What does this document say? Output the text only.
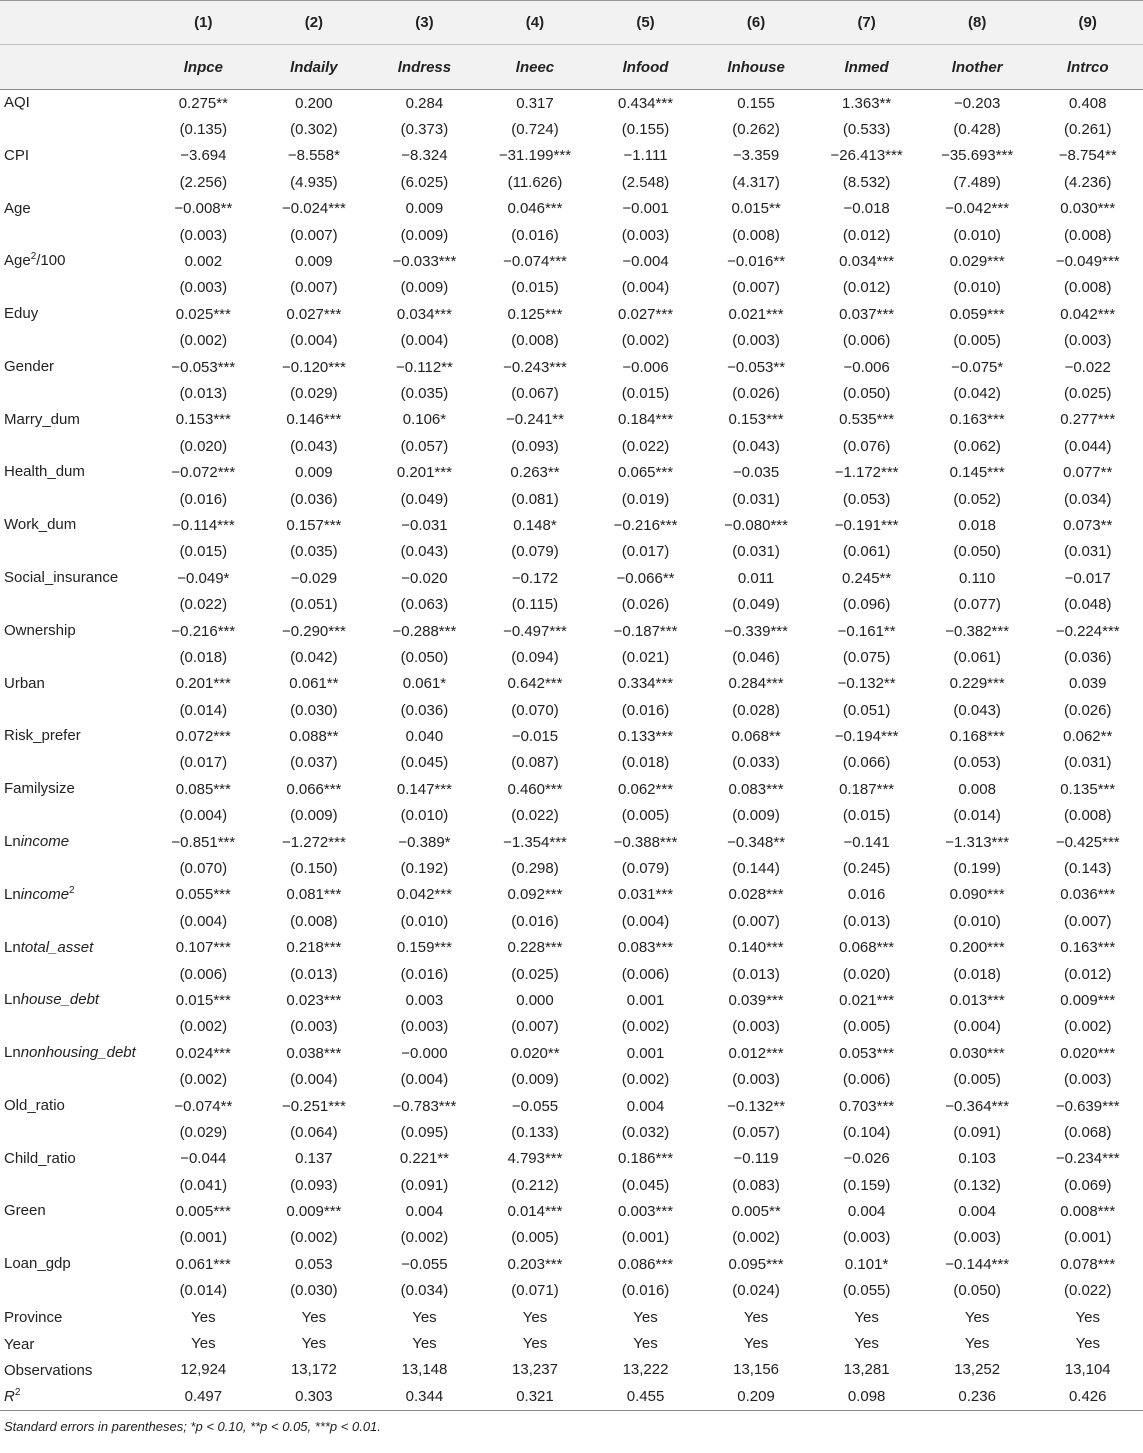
	(1)	(2)	(3)	(4)	(5)	(6)	(7)	(8)	(9)
	lnpce	lndaily	lndress	lneec	lnfood	lnhouse	lnmed	lnother	lntrco
AQI	0.275**	0.200	0.284	0.317	0.434***	0.155	1.363**	−0.203	0.408
	(0.135)	(0.302)	(0.373)	(0.724)	(0.155)	(0.262)	(0.533)	(0.428)	(0.261)
CPI	−3.694	−8.558*	−8.324	−31.199***	−1.111	−3.359	−26.413***	−35.693***	−8.754**
	(2.256)	(4.935)	(6.025)	(11.626)	(2.548)	(4.317)	(8.532)	(7.489)	(4.236)
Age	−0.008**	−0.024***	0.009	0.046***	−0.001	0.015**	−0.018	−0.042***	0.030***
	(0.003)	(0.007)	(0.009)	(0.016)	(0.003)	(0.008)	(0.012)	(0.010)	(0.008)
Age$^2$/100	0.002	0.009	−0.033***	−0.074***	−0.004	−0.016**	0.034***	0.029***	−0.049***
	(0.003)	(0.007)	(0.009)	(0.015)	(0.004)	(0.007)	(0.012)	(0.010)	(0.008)
Eduy	0.025***	0.027***	0.034***	0.125***	0.027***	0.021***	0.037***	0.059***	0.042***
	(0.002)	(0.004)	(0.004)	(0.008)	(0.002)	(0.003)	(0.006)	(0.005)	(0.003)
Gender	−0.053***	−0.120***	−0.112**	−0.243***	−0.006	−0.053**	−0.006	−0.075*	−0.022
	(0.013)	(0.029)	(0.035)	(0.067)	(0.015)	(0.026)	(0.050)	(0.042)	(0.025)
Marry_dum	0.153***	0.146***	0.106*	−0.241**	0.184***	0.153***	0.535***	0.163***	0.277***
	(0.020)	(0.043)	(0.057)	(0.093)	(0.022)	(0.043)	(0.076)	(0.062)	(0.044)
Health_dum	−0.072***	0.009	0.201***	0.263**	0.065***	−0.035	−1.172***	0.145***	0.077**
	(0.016)	(0.036)	(0.049)	(0.081)	(0.019)	(0.031)	(0.053)	(0.052)	(0.034)
Work_dum	−0.114***	0.157***	−0.031	0.148*	−0.216***	−0.080***	−0.191***	0.018	0.073**
	(0.015)	(0.035)	(0.043)	(0.079)	(0.017)	(0.031)	(0.061)	(0.050)	(0.031)
Social_insurance	−0.049*	−0.029	−0.020	−0.172	−0.066**	0.011	0.245**	0.110	−0.017
	(0.022)	(0.051)	(0.063)	(0.115)	(0.026)	(0.049)	(0.096)	(0.077)	(0.048)
Ownership	−0.216***	−0.290***	−0.288***	−0.497***	−0.187***	−0.339***	−0.161**	−0.382***	−0.224***
	(0.018)	(0.042)	(0.050)	(0.094)	(0.021)	(0.046)	(0.075)	(0.061)	(0.036)
Urban	0.201***	0.061**	0.061*	0.642***	0.334***	0.284***	−0.132**	0.229***	0.039
	(0.014)	(0.030)	(0.036)	(0.070)	(0.016)	(0.028)	(0.051)	(0.043)	(0.026)
Risk_prefer	0.072***	0.088**	0.040	−0.015	0.133***	0.068**	−0.194***	0.168***	0.062**
	(0.017)	(0.037)	(0.045)	(0.087)	(0.018)	(0.033)	(0.066)	(0.053)	(0.031)
Familysize	0.085***	0.066***	0.147***	0.460***	0.062***	0.083***	0.187***	0.008	0.135***
	(0.004)	(0.009)	(0.010)	(0.022)	(0.005)	(0.009)	(0.015)	(0.014)	(0.008)
Lnincome	−0.851***	−1.272***	−0.389*	−1.354***	−0.388***	−0.348**	−0.141	−1.313***	−0.425***
	(0.070)	(0.150)	(0.192)	(0.298)	(0.079)	(0.144)	(0.245)	(0.199)	(0.143)
Lnincome$^2$	0.055***	0.081***	0.042***	0.092***	0.031***	0.028***	0.016	0.090***	0.036***
	(0.004)	(0.008)	(0.010)	(0.016)	(0.004)	(0.007)	(0.013)	(0.010)	(0.007)
Lntotal_asset	0.107***	0.218***	0.159***	0.228***	0.083***	0.140***	0.068***	0.200***	0.163***
	(0.006)	(0.013)	(0.016)	(0.025)	(0.006)	(0.013)	(0.020)	(0.018)	(0.012)
Lnhouse_debt	0.015***	0.023***	0.003	0.000	0.001	0.039***	0.021***	0.013***	0.009***
	(0.002)	(0.003)	(0.003)	(0.007)	(0.002)	(0.003)	(0.005)	(0.004)	(0.002)
Lnnonhousing_debt	0.024***	0.038***	−0.000	0.020**	0.001	0.012***	0.053***	0.030***	0.020***
	(0.002)	(0.004)	(0.004)	(0.009)	(0.002)	(0.003)	(0.006)	(0.005)	(0.003)
Old_ratio	−0.074**	−0.251***	−0.783***	−0.055	0.004	−0.132**	0.703***	−0.364***	−0.639***
	(0.029)	(0.064)	(0.095)	(0.133)	(0.032)	(0.057)	(0.104)	(0.091)	(0.068)
Child_ratio	−0.044	0.137	0.221**	4.793***	0.186***	−0.119	−0.026	0.103	−0.234***
	(0.041)	(0.093)	(0.091)	(0.212)	(0.045)	(0.083)	(0.159)	(0.132)	(0.069)
Green	0.005***	0.009***	0.004	0.014***	0.003***	0.005**	0.004	0.004	0.008***
	(0.001)	(0.002)	(0.002)	(0.005)	(0.001)	(0.002)	(0.003)	(0.003)	(0.001)
Loan_gdp	0.061***	0.053	−0.055	0.203***	0.086***	0.095***	0.101*	−0.144***	0.078***
	(0.014)	(0.030)	(0.034)	(0.071)	(0.016)	(0.024)	(0.055)	(0.050)	(0.022)
Province	Yes	Yes	Yes	Yes	Yes	Yes	Yes	Yes	Yes
Year	Yes	Yes	Yes	Yes	Yes	Yes	Yes	Yes	Yes
Observations	12,924	13,172	13,148	13,237	13,222	13,156	13,281	13,252	13,104
$R^2$	0.497	0.303	0.344	0.321	0.455	0.209	0.098	0.236	0.426
Standard errors in parentheses; *p < 0.10, **p < 0.05, ***p < 0.01.
